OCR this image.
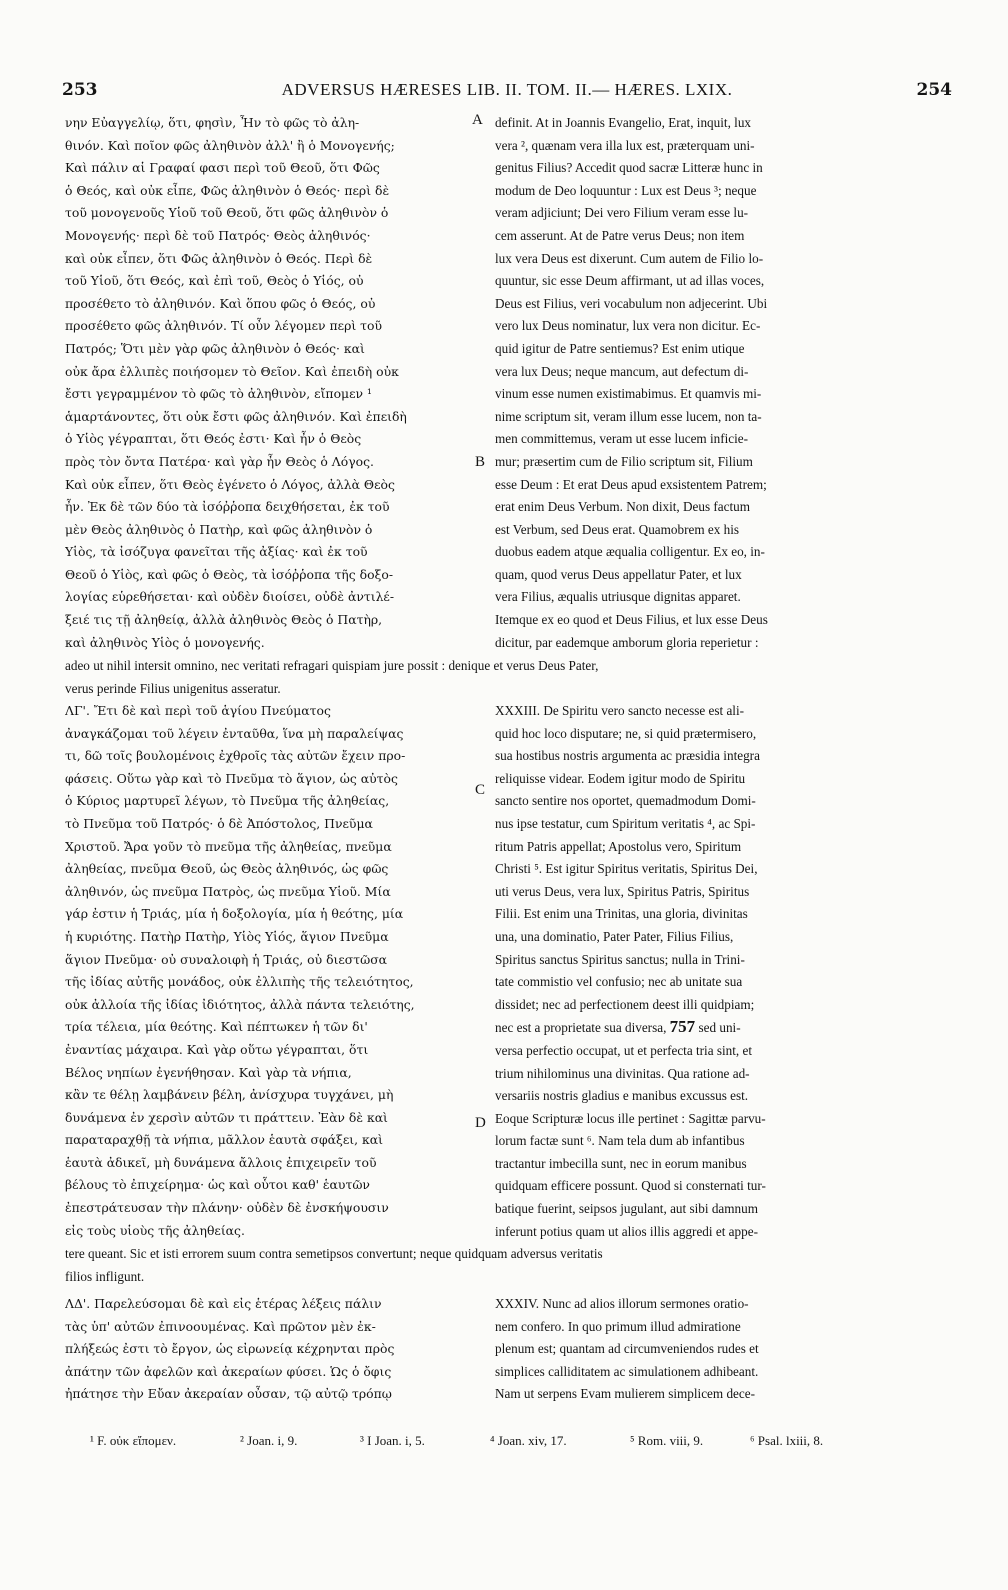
253	ADVERSUS HÆRESES LIB. II. TOM. II.— HÆRES. LXIX.	254
A
B
C
D
νην Εὐαγγελίῳ, ὅτι, φησὶν, Ἦν τὸ φῶς τὸ ἀλη-
θινόν. Καὶ ποῖον φῶς ἀληθινὸν ἀλλ' ἢ ὁ Μονογενής;
Καὶ πάλιν αἱ Γραφαί φασι περὶ τοῦ Θεοῦ, ὅτι Φῶς
ὁ Θεός, καὶ οὐκ εἶπε, Φῶς ἀληθινὸν ὁ Θεός· περὶ δὲ
τοῦ μονογενοῦς Υἱοῦ τοῦ Θεοῦ, ὅτι φῶς ἀληθινὸν ὁ
Μονογενής· περὶ δὲ τοῦ Πατρός· Θεὸς ἀληθινός·
καὶ οὐκ εἶπεν, ὅτι Φῶς ἀληθινὸν ὁ Θεός. Περὶ δὲ
τοῦ Υἱοῦ, ὅτι Θεός, καὶ ἐπὶ τοῦ, Θεὸς ὁ Υἱός, οὐ
προσέθετο τὸ ἀληθινόν. Καὶ ὅπου φῶς ὁ Θεός, οὐ
προσέθετο φῶς ἀληθινόν. Τί οὖν λέγομεν περὶ τοῦ
Πατρός; Ὅτι μὲν γὰρ φῶς ἀληθινὸν ὁ Θεός· καὶ
οὐκ ἄρα ἐλλιπὲς ποιήσομεν τὸ Θεῖον. Καὶ ἐπειδὴ οὐκ
ἔστι γεγραμμένον τὸ φῶς τὸ ἀληθινὸν, εἴπομεν ¹
ἁμαρτάνοντες, ὅτι οὐκ ἔστι φῶς ἀληθινόν. Καὶ ἐπειδὴ
ὁ Υἱὸς γέγραπται, ὅτι Θεός ἐστι· Καὶ ἦν ὁ Θεὸς
πρὸς τὸν ὄντα Πατέρα· καὶ γὰρ ἦν Θεὸς ὁ Λόγος.
Καὶ οὐκ εἶπεν, ὅτι Θεὸς ἐγένετο ὁ Λόγος, ἀλλὰ Θεὸς
ἦν. Ἐκ δὲ τῶν δύο τὰ ἰσόῤῥοπα δειχθήσεται, ἐκ τοῦ
μὲν Θεὸς ἀληθινὸς ὁ Πατὴρ, καὶ φῶς ἀληθινὸν ὁ
Υἱὸς, τὰ ἰσόζυγα φανεῖται τῆς ἀξίας· καὶ ἐκ τοῦ
Θεοῦ ὁ Υἱὸς, καὶ φῶς ὁ Θεὸς, τὰ ἰσόῤῥοπα τῆς δοξο-
λογίας εὑρεθήσεται· καὶ οὐδὲν διοίσει, οὐδὲ ἀντιλέ-
ξειέ τις τῇ ἀληθείᾳ, ἀλλὰ ἀληθινὸς Θεὸς ὁ Πατὴρ,
καὶ ἀληθινὸς Υἱὸς ὁ μονογενής.
definit. At in Joannis Evangelio, Erat, inquit, lux
vera ², quænam vera illa lux est, præterquam uni-
genitus Filius? Accedit quod sacræ Litteræ hunc in
modum de Deo loquuntur : Lux est Deus ³; neque
veram adjiciunt; Dei vero Filium veram esse lu-
cem asserunt. At de Patre verus Deus; non item
lux vera Deus est dixerunt. Cum autem de Filio lo-
quuntur, sic esse Deum affirmant, ut ad illas voces,
Deus est Filius, veri vocabulum non adjecerint. Ubi
vero lux Deus nominatur, lux vera non dicitur. Ec-
quid igitur de Patre sentiemus? Est enim utique
vera lux Deus; neque mancum, aut defectum di-
vinum esse numen existimabimus. Et quamvis mi-
nime scriptum sit, veram illum esse lucem, non ta-
men committemus, veram ut esse lucem inficie-
mur; præsertim cum de Filio scriptum sit, Filium
esse Deum : Et erat Deus apud exsistentem Patrem;
erat enim Deus Verbum. Non dixit, Deus factum
est Verbum, sed Deus erat. Quamobrem ex his
duobus eadem atque æqualia colligentur. Ex eo, in-
quam, quod verus Deus appellatur Pater, et lux
vera Filius, æqualis utriusque dignitas apparet.
Itemque ex eo quod et Deus Filius, et lux esse Deus
dicitur, par eademque amborum gloria reperietur :
adeo ut nihil intersit omnino, nec veritati refragari quispiam jure possit : denique et verus Deus Pater,
verus perinde Filius unigenitus asseratur.
ΛΓ'. Ἔτι δὲ καὶ περὶ τοῦ ἁγίου Πνεύματος
ἀναγκάζομαι τοῦ λέγειν ἐνταῦθα, ἵνα μὴ παραλείψας
τι, δῶ τοῖς βουλομένοις ἐχθροῖς τὰς αὐτῶν ἔχειν προ-
φάσεις. Οὕτω γὰρ καὶ τὸ Πνεῦμα τὸ ἅγιον, ὡς αὐτὸς
ὁ Κύριος μαρτυρεῖ λέγων, τὸ Πνεῦμα τῆς ἀληθείας,
τὸ Πνεῦμα τοῦ Πατρός· ὁ δὲ Ἀπόστολος, Πνεῦμα
Χριστοῦ. Ἄρα γοῦν τὸ πνεῦμα τῆς ἀληθείας, πνεῦμα
ἀληθείας, πνεῦμα Θεοῦ, ὡς Θεὸς ἀληθινός, ὡς φῶς
ἀληθινόν, ὡς πνεῦμα Πατρὸς, ὡς πνεῦμα Υἱοῦ. Μία
γάρ ἐστιν ἡ Τριάς, μία ἡ δοξολογία, μία ἡ θεότης, μία
ἡ κυριότης. Πατὴρ Πατὴρ, Υἱὸς Υἱός, ἅγιον Πνεῦμα
ἅγιον Πνεῦμα· οὐ συναλοιφὴ ἡ Τριάς, οὐ διεστῶσα
τῆς ἰδίας αὐτῆς μονάδος, οὐκ ἐλλιπὴς τῆς τελειότητος,
οὐκ ἀλλοία τῆς ἰδίας ἰδιότητος, ἀλλὰ πάντα τελειότης,
τρία τέλεια, μία θεότης. Καὶ πέπτωκεν ἡ τῶν δι'
ἐναντίας μάχαιρα. Καὶ γὰρ οὕτω γέγραπται, ὅτι
Βέλος νηπίων ἐγενήθησαν. Καὶ γὰρ τὰ νήπια,
κἂν τε θέλῃ λαμβάνειν βέλη, ἀνίσχυρα τυγχάνει, μὴ
δυνάμενα ἐν χερσὶν αὐτῶν τι πράττειν. Ἐὰν δὲ καὶ
παραταραχθῇ τὰ νήπια, μᾶλλον ἑαυτὰ σφάξει, καὶ
ἑαυτὰ ἀδικεῖ, μὴ δυνάμενα ἄλλοις ἐπιχειρεῖν τοῦ
βέλους τὸ ἐπιχείρημα· ὡς καὶ οὗτοι καθ' ἑαυτῶν
ἐπεστράτευσαν τὴν πλάνην· οὐδὲν δὲ ἐνσκήψουσιν
εἰς τοὺς υἱοὺς τῆς ἀληθείας.
XXXIII. De Spiritu vero sancto necesse est ali-
quid hoc loco disputare; ne, si quid prætermisero,
sua hostibus nostris argumenta ac præsidia integra
reliquisse videar. Eodem igitur modo de Spiritu
sancto sentire nos oportet, quemadmodum Domi-
nus ipse testatur, cum Spiritum veritatis ⁴, ac Spi-
ritum Patris appellat; Apostolus vero, Spiritum
Christi ⁵. Est igitur Spiritus veritatis, Spiritus Dei,
uti verus Deus, vera lux, Spiritus Patris, Spiritus
Filii. Est enim una Trinitas, una gloria, divinitas
una, una dominatio, Pater Pater, Filius Filius,
Spiritus sanctus Spiritus sanctus; nulla in Trini-
tate commistio vel confusio; nec ab unitate sua
dissidet; nec ad perfectionem deest illi quidpiam;
nec est a proprietate sua diversa, 757 sed uni-
versa perfectio occupat, ut et perfecta tria sint, et
trium nihilominus una divinitas. Qua ratione ad-
versariis nostris gladius e manibus excussus est.
Eoque Scripturæ locus ille pertinet : Sagittæ parvu-
lorum factæ sunt ⁶. Nam tela dum ab infantibus
tractantur imbecilla sunt, nec in eorum manibus
quidquam efficere possunt. Quod si consternati tur-
batique fuerint, seipsos jugulant, aut sibi damnum
inferunt potius quam ut alios illis aggredi et appe-
tere queant. Sic et isti errorem suum contra semetipsos convertunt; neque quidquam adversus veritatis
filios infligunt.
ΛΔ'. Παρελεύσομαι δὲ καὶ εἰς ἑτέρας λέξεις πάλιν
τὰς ὑπ' αὐτῶν ἐπινοουμένας. Καὶ πρῶτον μὲν ἐκ-
πλήξεώς ἐστι τὸ ἔργον, ὡς εἰρωνείᾳ κέχρηνται πρὸς
ἀπάτην τῶν ἀφελῶν καὶ ἀκεραίων φύσει. Ὡς ὁ ὄφις
ἠπάτησε τὴν Εὔαν ἀκεραίαν οὖσαν, τῷ αὐτῷ τρόπῳ
XXXIV. Nunc ad alios illorum sermones oratio-
nem confero. In quo primum illud admiratione
plenum est; quantam ad circumveniendos rudes et
simplices calliditatem ac simulationem adhibeant.
Nam ut serpens Evam mulierem simplicem dece-
¹ F. οὐκ εἴπομεν.	² Joan. i, 9.	³ I Joan. i, 5.	⁴ Joan. xiv, 17.	⁵ Rom. viii, 9.	⁶ Psal. lxiii, 8.
